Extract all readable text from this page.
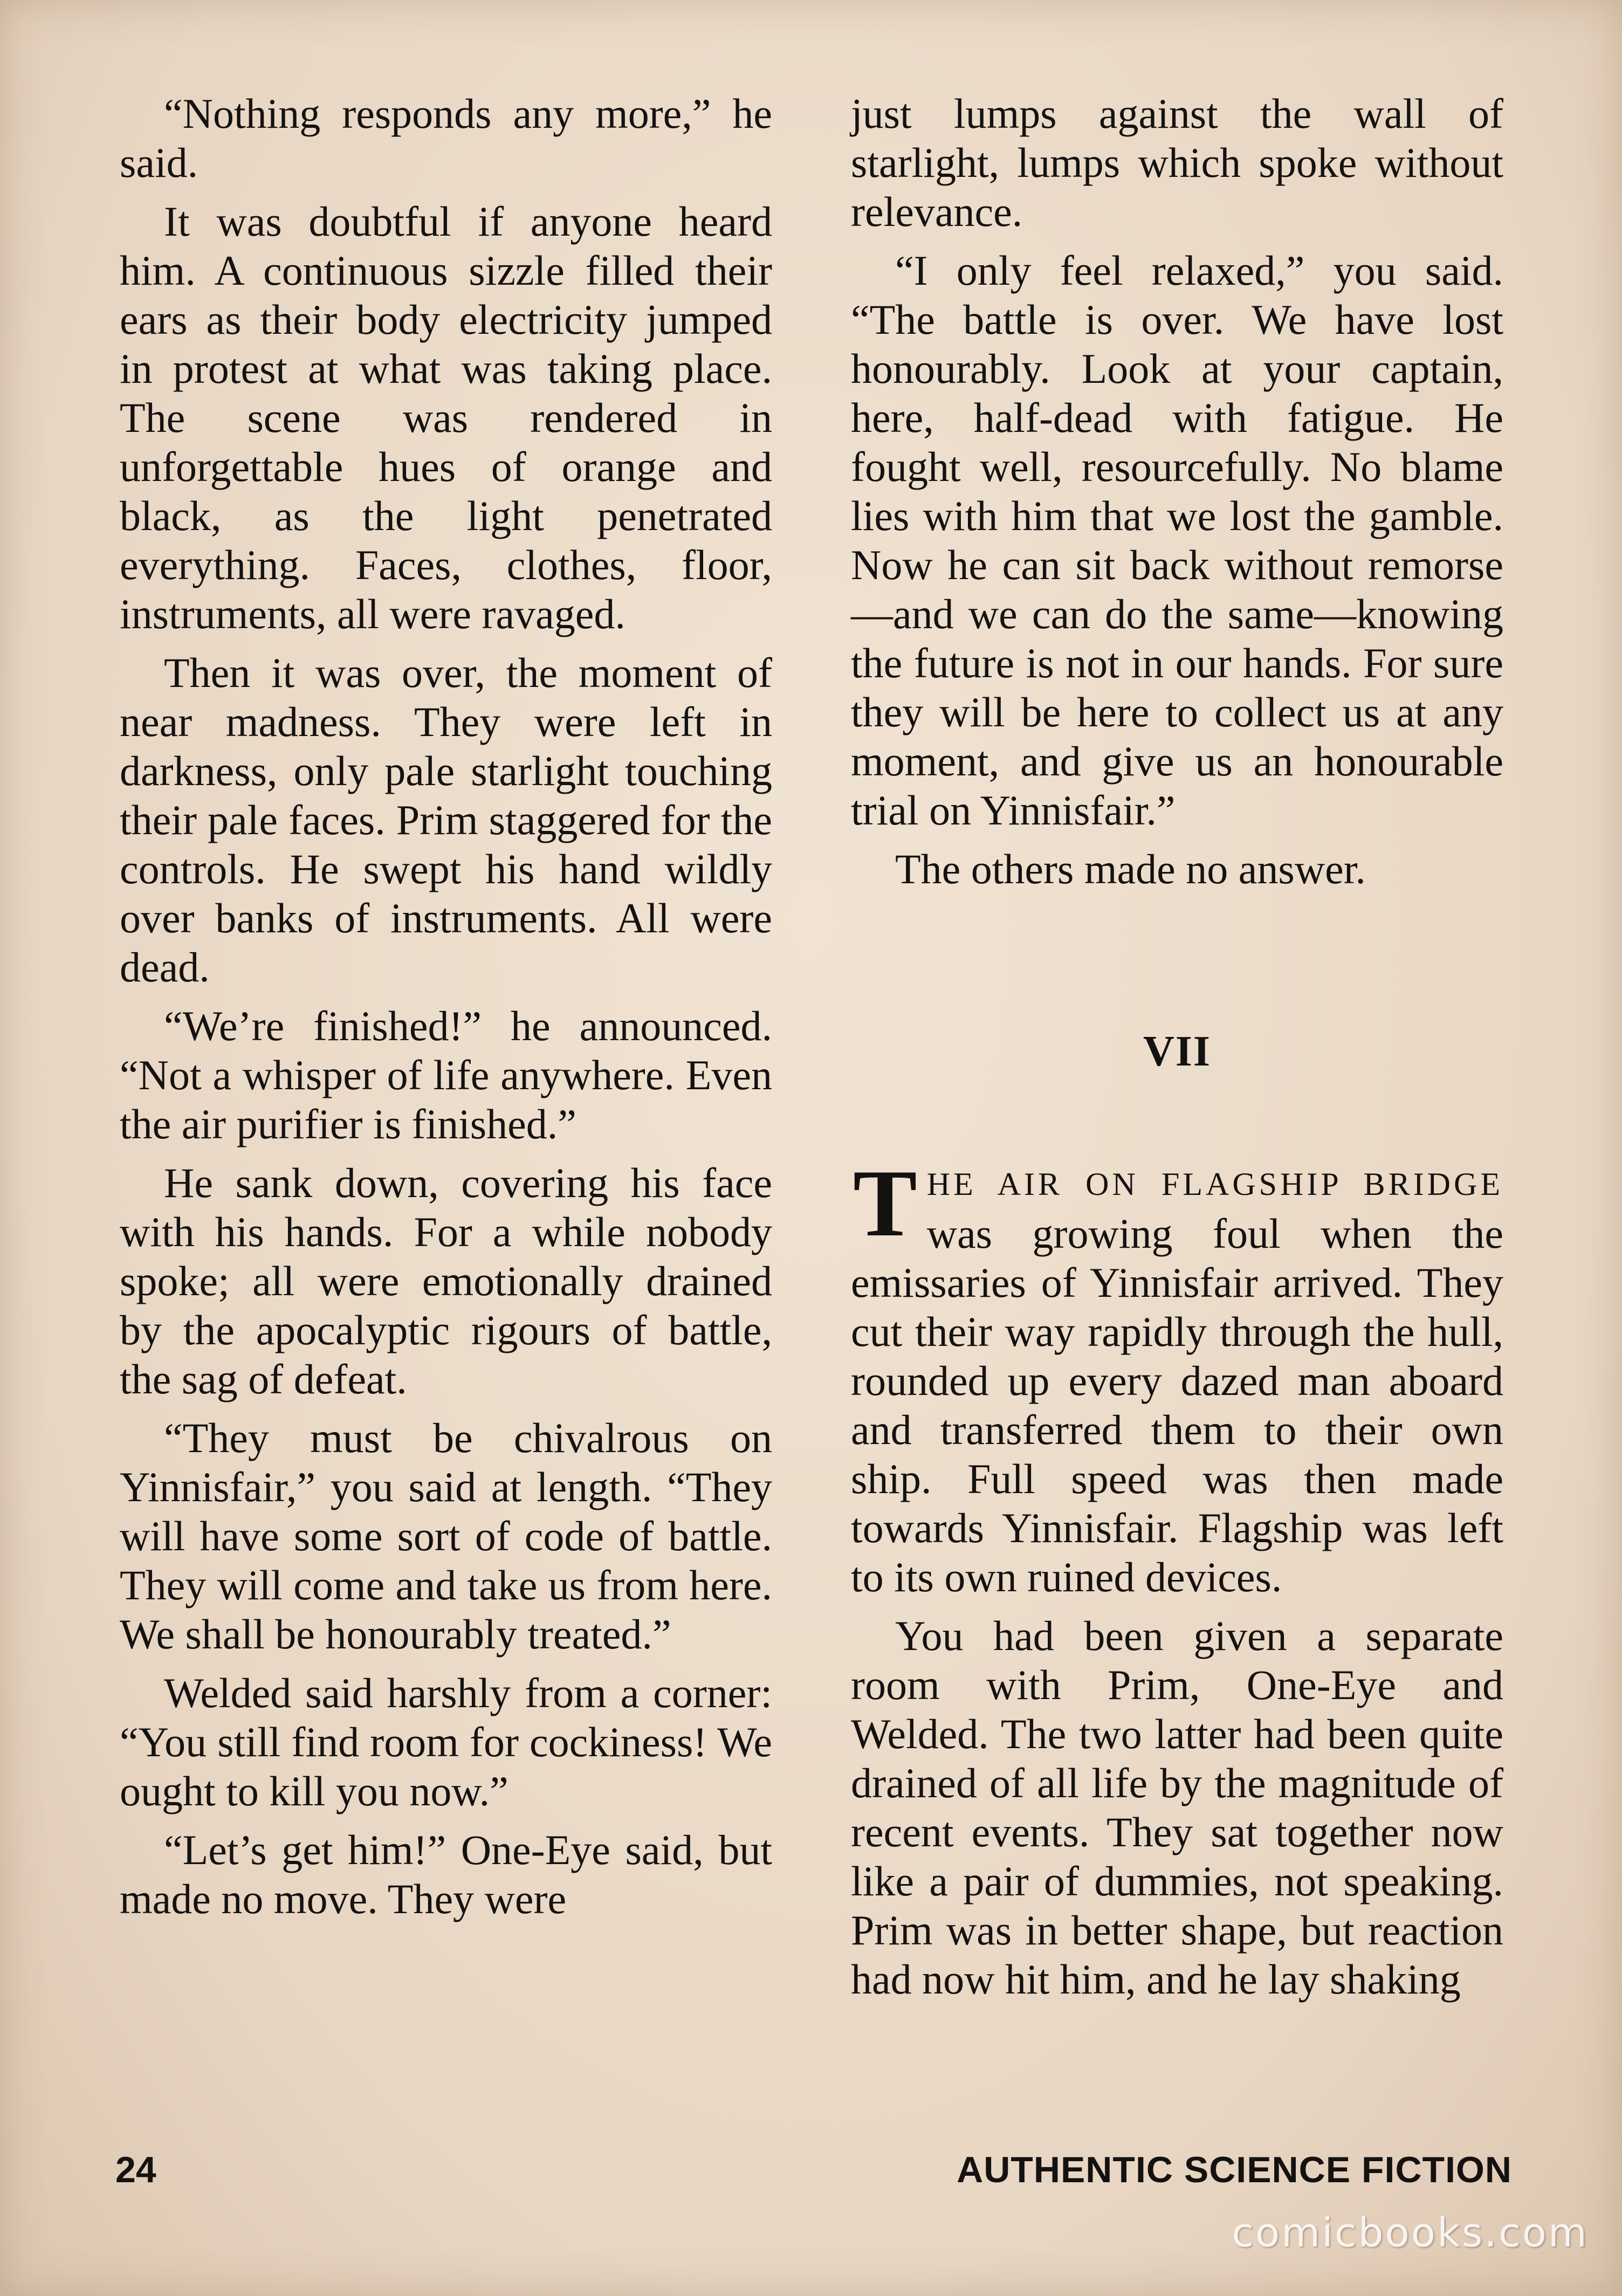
“Nothing responds any more,” he said.

It was doubtful if anyone heard him. A continuous sizzle filled their ears as their body electricity jumped in protest at what was taking place. The scene was rendered in unforgettable hues of orange and black, as the light penetrated everything. Faces, clothes, floor, instruments, all were ravaged.

Then it was over, the moment of near madness. They were left in darkness, only pale starlight touching their pale faces. Prim staggered for the controls. He swept his hand wildly over banks of instruments. All were dead.

“We’re finished!” he announced. “Not a whisper of life anywhere. Even the air purifier is finished.”

He sank down, covering his face with his hands. For a while nobody spoke; all were emotionally drained by the apocalyptic rigours of battle, the sag of defeat.

“They must be chivalrous on Yinnisfair,” you said at length. “They will have some sort of code of battle. They will come and take us from here. We shall be honourably treated.”

Welded said harshly from a corner: “You still find room for cockiness! We ought to kill you now.”

“Let’s get him!” One-Eye said, but made no move. They were

just lumps against the wall of starlight, lumps which spoke without relevance.

“I only feel relaxed,” you said. “The battle is over. We have lost honourably. Look at your captain, here, half-dead with fatigue. He fought well, resourcefully. No blame lies with him that we lost the gamble. Now he can sit back without remorse—and we can do the same—knowing the future is not in our hands. For sure they will be here to collect us at any moment, and give us an honourable trial on Yinnisfair.”

The others made no answer.

VII

THE AIR ON FLAGSHIP BRIDGE was growing foul when the emissaries of Yinnisfair arrived. They cut their way rapidly through the hull, rounded up every dazed man aboard and transferred them to their own ship. Full speed was then made towards Yinnisfair. Flagship was left to its own ruined devices.

You had been given a separate room with Prim, One-Eye and Welded. The two latter had been quite drained of all life by the magnitude of recent events. They sat together now like a pair of dummies, not speaking. Prim was in better shape, but reaction had now hit him, and he lay shaking

24	AUTHENTIC SCIENCE FICTION
comicbooks.com
